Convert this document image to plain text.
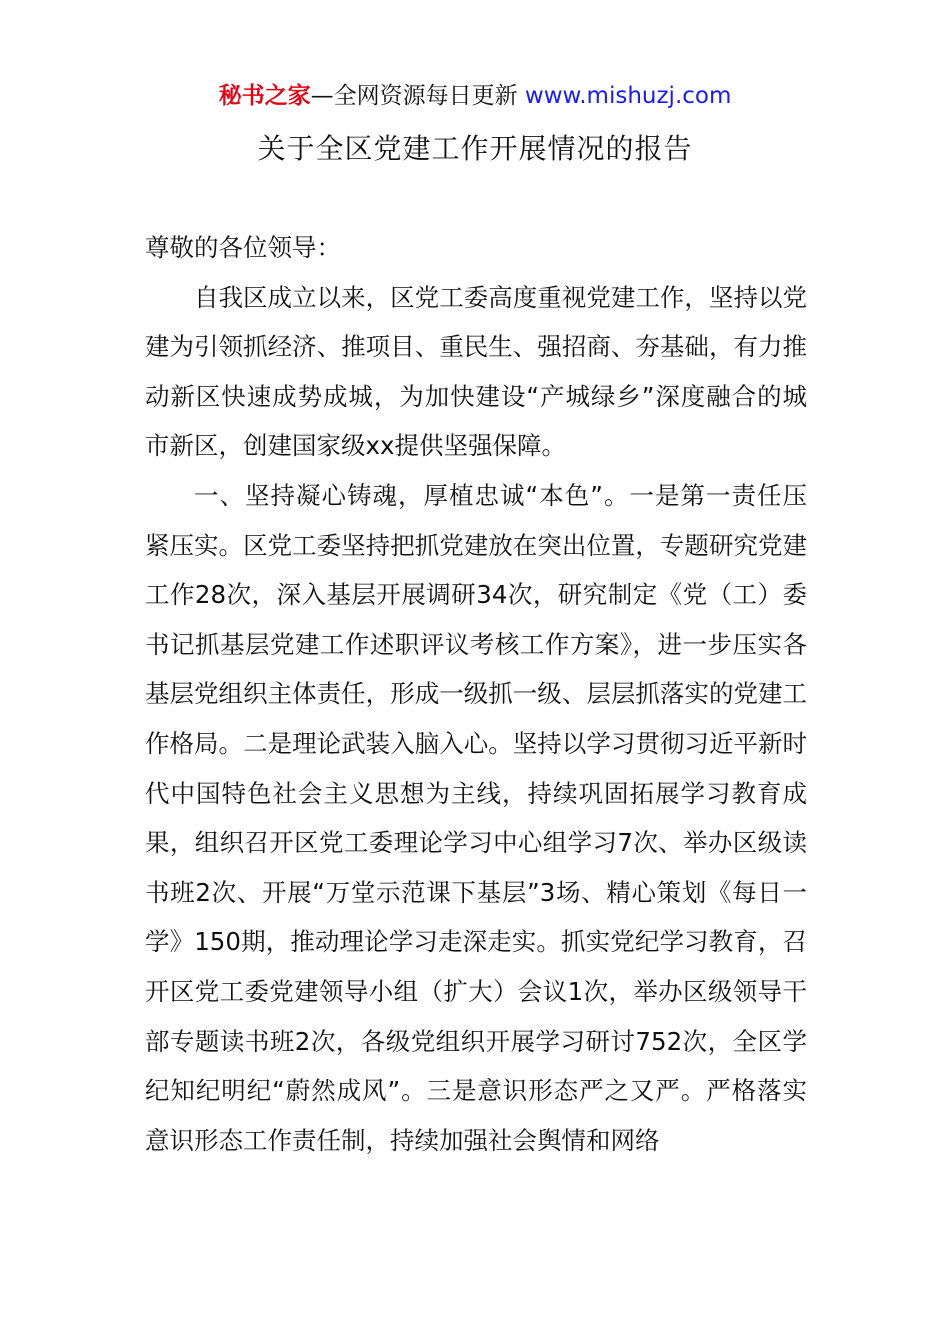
秘书之家—全网资源每日更新 www.mishuzj.com
关于全区党建工作开展情况的报告

尊敬的各位领导：

自我区成立以来，区党工委高度重视党建工作，坚持以党建为引领抓经济、推项目、重民生、强招商、夯基础，有力推动新区快速成势成城，为加快建设“产城绿乡”深度融合的城市新区，创建国家级xx提供坚强保障。

一、坚持凝心铸魂，厚植忠诚“本色”。一是第一责任压紧压实。区党工委坚持把抓党建放在突出位置，专题研究党建工作28次，深入基层开展调研34次，研究制定《党（工）委书记抓基层党建工作述职评议考核工作方案》，进一步压实各基层党组织主体责任，形成一级抓一级、层层抓落实的党建工作格局。二是理论武装入脑入心。坚持以学习贯彻习近平新时代中国特色社会主义思想为主线，持续巩固拓展学习教育成果，组织召开区党工委理论学习中心组学习7次、举办区级读书班2次、开展“万堂示范课下基层”3场、精心策划《每日一学》150期，推动理论学习走深走实。抓实党纪学习教育，召开区党工委党建领导小组（扩大）会议1次，举办区级领导干部专题读书班2次，各级党组织开展学习研讨752次，全区学纪知纪明纪“蔚然成风”。三是意识形态严之又严。严格落实意识形态工作责任制，持续加强社会舆情和网络
